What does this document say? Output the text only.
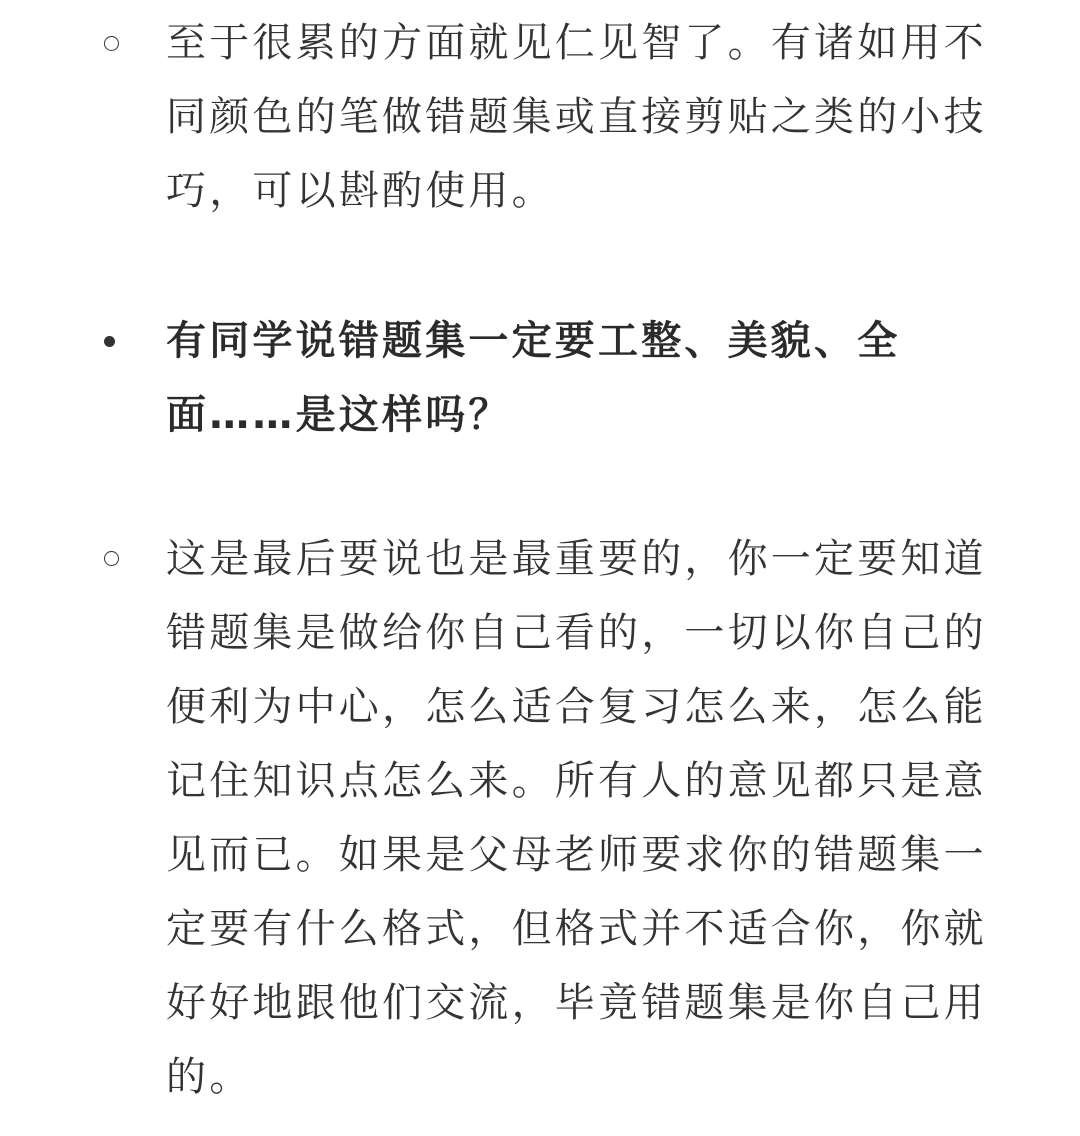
至于很累的方面就见仁见智了。有诸如用不同颜色的笔做错题集或直接剪贴之类的小技巧，可以斟酌使用。

有同学说错题集一定要工整、美貌、全面……是这样吗？

这是最后要说也是最重要的，你一定要知道错题集是做给你自己看的，一切以你自己的便利为中心，怎么适合复习怎么来，怎么能记住知识点怎么来。所有人的意见都只是意见而已。如果是父母老师要求你的错题集一定要有什么格式，但格式并不适合你，你就好好地跟他们交流，毕竟错题集是你自己用的。
